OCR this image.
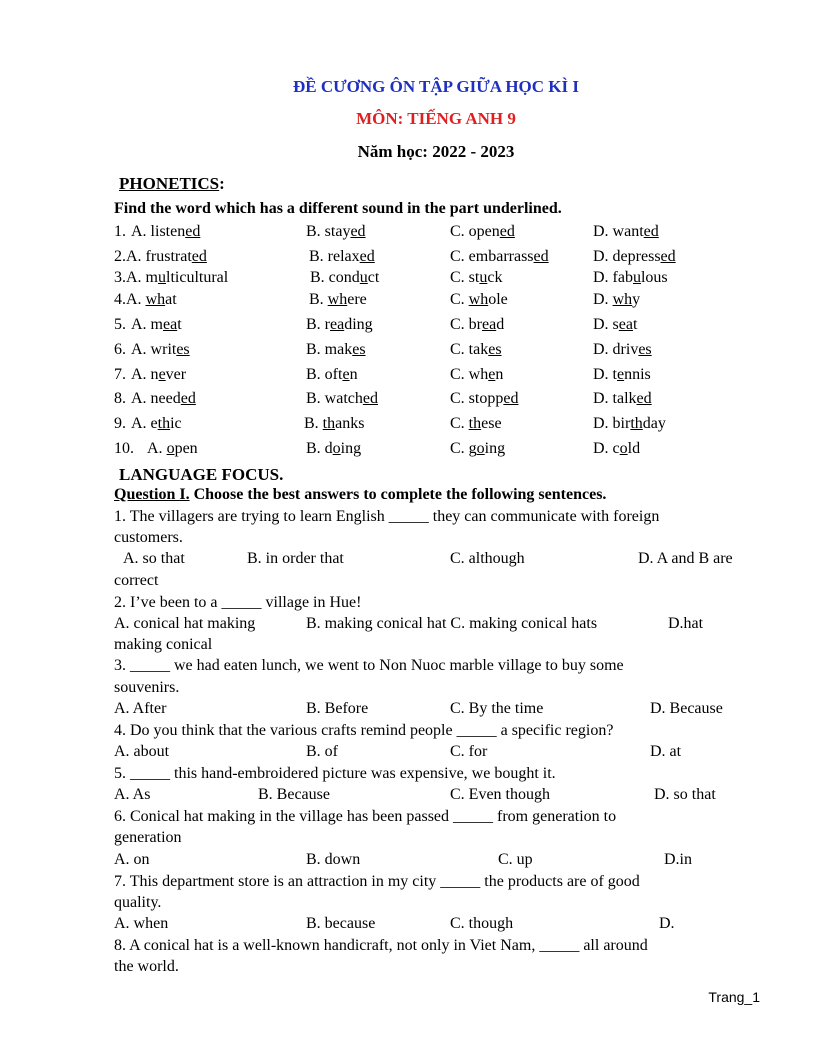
ĐỀ CƯƠNG ÔN TẬP GIỮA HỌC KÌ I
MÔN: TIẾNG ANH 9
Năm học: 2022 - 2023
PHONETICS:
Find the word which has a different sound in the part underlined.
1. A. listened	B. stayed	C. opened	D. wanted
2. A. frustrated	B. relaxed	C. embarrassed	D. depressed
3. A. multicultural	B. conduct	C. stuck	D. fabulous
4. A. what	B. where	C. whole	D. why
5. A. meat	B. reading	C. bread	D. seat
6. A. writes	B. makes	C. takes	D. drives
7. A. never	B. often	C. when	D. tennis
8. A. needed	B. watched	C. stopped	D. talked
9. A. ethic	B. thanks	C. these	D. birthday
10. A. open	B. doing	C. going	D. cold
LANGUAGE FOCUS.
Question I. Choose the best answers to complete the following sentences.
1. The villagers are trying to learn English _____ they can communicate with foreign
customers.
A. so that	B. in order that	C. although	D. A and B are
correct
2. I’ve been to a _____ village in Hue!
A. conical hat making	B. making conical hat C. making conical hats	D.hat
making conical
3. _____ we had eaten lunch, we went to Non Nuoc marble village to buy some
souvenirs.
A. After	B. Before	C. By the time	D. Because
4. Do you think that the various crafts remind people _____ a specific region?
A. about	B. of	C. for	D. at
5. _____ this hand-embroidered picture was expensive, we bought it.
A. As	B. Because	C. Even though	D. so that
6. Conical hat making in the village has been passed _____ from generation to
generation
A. on	B. down	C. up	D.in
7. This department store is an attraction in my city _____ the products are of good
quality.
A. when	B. because	C. though	D.
8. A conical hat is a well-known handicraft, not only in Viet Nam, _____ all around
the world.
Trang_1
